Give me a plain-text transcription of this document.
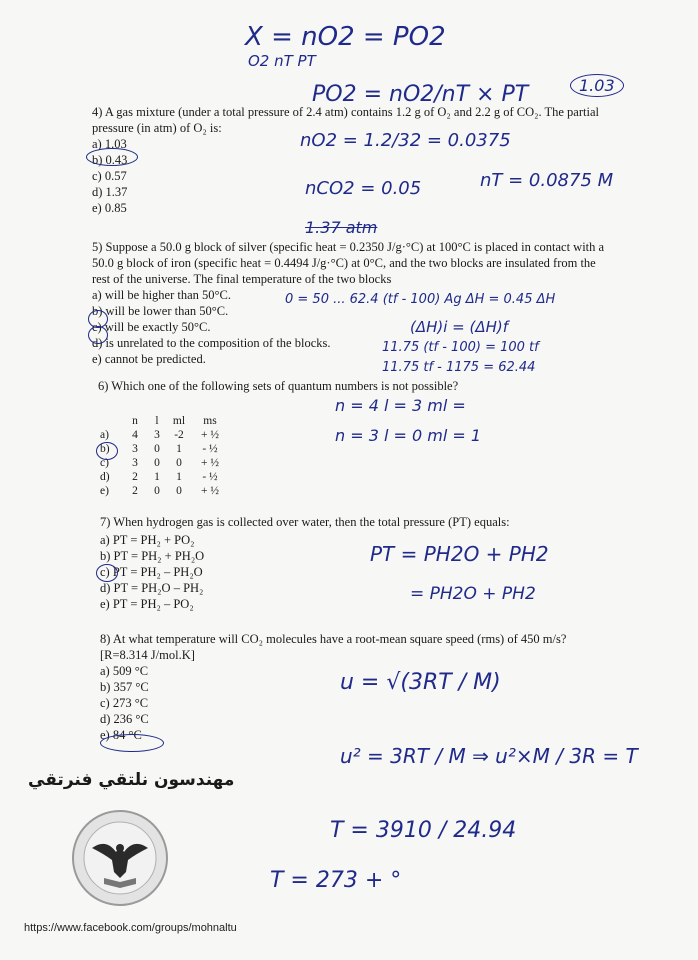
X = nO2 = PO2
O2 nT PT
PO2 = nO2/nT × PT	1.03
4) A gas mixture (under a total pressure of 2.4 atm) contains 1.2 g of O₂ and 2.2 g of CO₂. The partial pressure (in atm) of O₂ is:
a) 1.03
b) 0.43
c) 0.57
d) 1.37
e) 0.85
nO2 = 1.2/32 = 0.0375
nCO2 = 0.05	nT = 0.0875 M
1.37 atm
5) Suppose a 50.0 g block of silver (specific heat = 0.2350 J/g·°C) at 100°C is placed in contact with a 50.0 g block of iron (specific heat = 0.4494 J/g·°C) at 0°C, and the two blocks are insulated from the rest of the universe. The final temperature of the two blocks
a) will be higher than 50°C.
b) will be lower than 50°C.
c) will be exactly 50°C.
d) is unrelated to the composition of the blocks.
e) cannot be predicted.
0 = 50 ... 62.4 (tf - 100) Ag ΔH = 0.45 ΔH
(ΔH)i = (ΔH)f
11.75 (tf - 100) = 100 tf
11.75 tf - 1175 = 62.44
6) Which one of the following sets of quantum numbers is not possible?
	n	l	ml	ms
a)	4	3	-2	+ ½
b)	3	0	1	- ½
c)	3	0	0	+ ½
d)	2	1	1	- ½
e)	2	0	0	+ ½
n = 4 l = 3 ml =
n = 3 l = 0 ml = 1
7) When hydrogen gas is collected over water, then the total pressure (PT) equals:
a) PT = PH₂ + PO₂
b) PT = PH₂ + PH₂O
c) PT = PH₂ – PH₂O
d) PT = PH₂O – PH₂
e) PT = PH₂ – PO₂
PT = PH2O + PH2
= PH2O + PH2
8) At what temperature will CO₂ molecules have a root-mean square speed (rms) of 450 m/s?
[R=8.314 J/mol.K]
a) 509 °C
b) 357 °C
c) 273 °C
d) 236 °C
e) 84 °C
u = √(3RT / M)
u² = 3RT / M ⇒ u²×M / 3R = T
T = 3910 / 24.94
T = 273 + °
مهندسون نلتقي فنرتقي
https://www.facebook.com/groups/mohnaltu
